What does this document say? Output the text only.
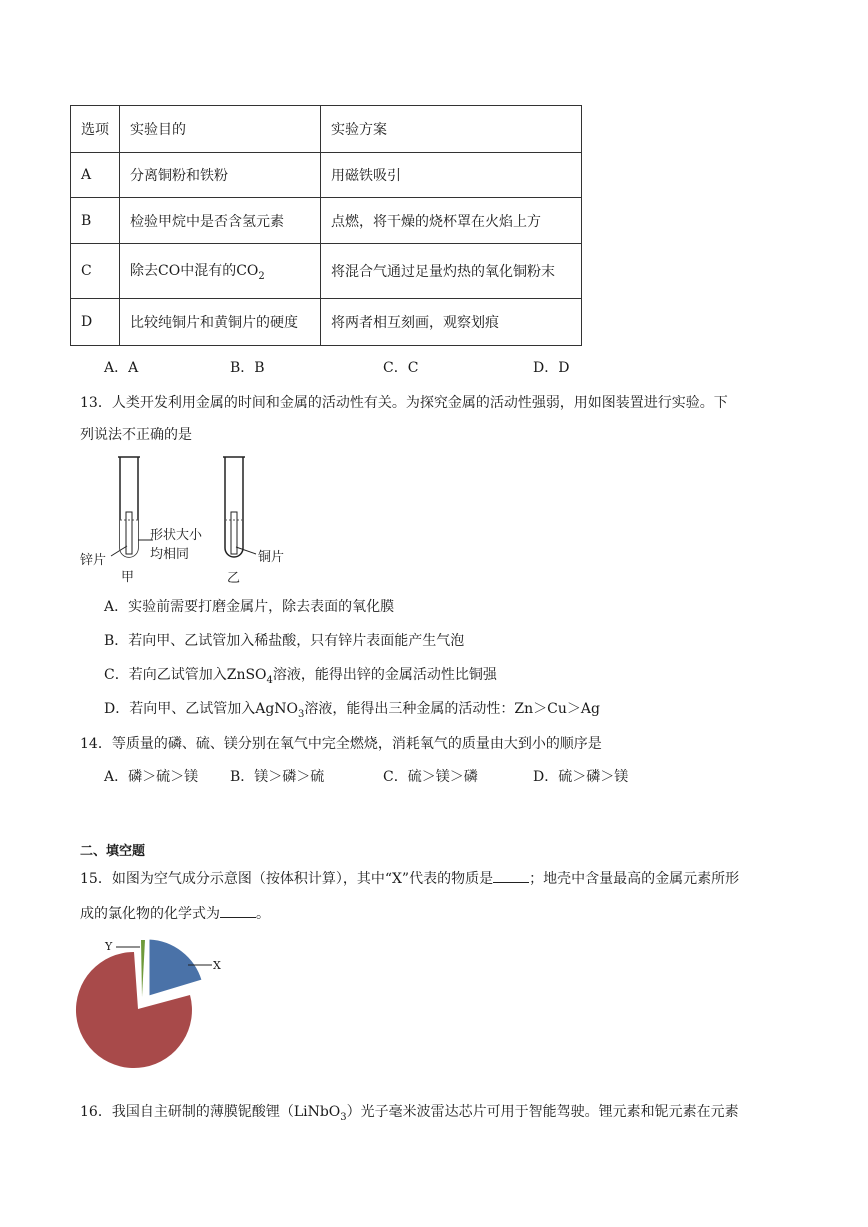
选项	实验目的	实验方案
A	分离铜粉和铁粉	用磁铁吸引
B	检验甲烷中是否含氢元素	点燃，将干燥的烧杯罩在火焰上方
C	除去CO中混有的$CO_2$	将混合气通过足量灼热的氧化铜粉末
D	比较纯铜片和黄铜片的硬度	将两者相互刻画，观察划痕
A．A	B．B	C．C	D．D
13．人类开发利用金属的时间和金属的活动性有关。为探究金属的活动性强弱，用如图装置进行实验。下
列说法不正确的是
锌片	铜片
形状大小
均相同
甲	乙
A．实验前需要打磨金属片，除去表面的氧化膜
B．若向甲、乙试管加入稀盐酸，只有锌片表面能产生气泡
C．若向乙试管加入ZnSO$_4$溶液，能得出锌的金属活动性比铜强
D．若向甲、乙试管加入AgNO$_3$溶液，能得出三种金属的活动性：Zn＞Cu＞Ag
14．等质量的磷、硫、镁分别在氧气中完全燃烧，消耗氧气的质量由大到小的顺序是
A．磷＞硫＞镁 B．镁＞磷＞硫	C．硫＞镁＞磷	D．硫＞磷＞镁
二、填空题
15．如图为空气成分示意图（按体积计算），其中“X”代表的物质是	；地壳中含量最高的金属元素所形
成的氯化物的化学式为	。
Y
X
16．我国自主研制的薄膜铌酸锂（LiNbO$_3$）光子毫米波雷达芯片可用于智能驾驶。锂元素和铌元素在元素
